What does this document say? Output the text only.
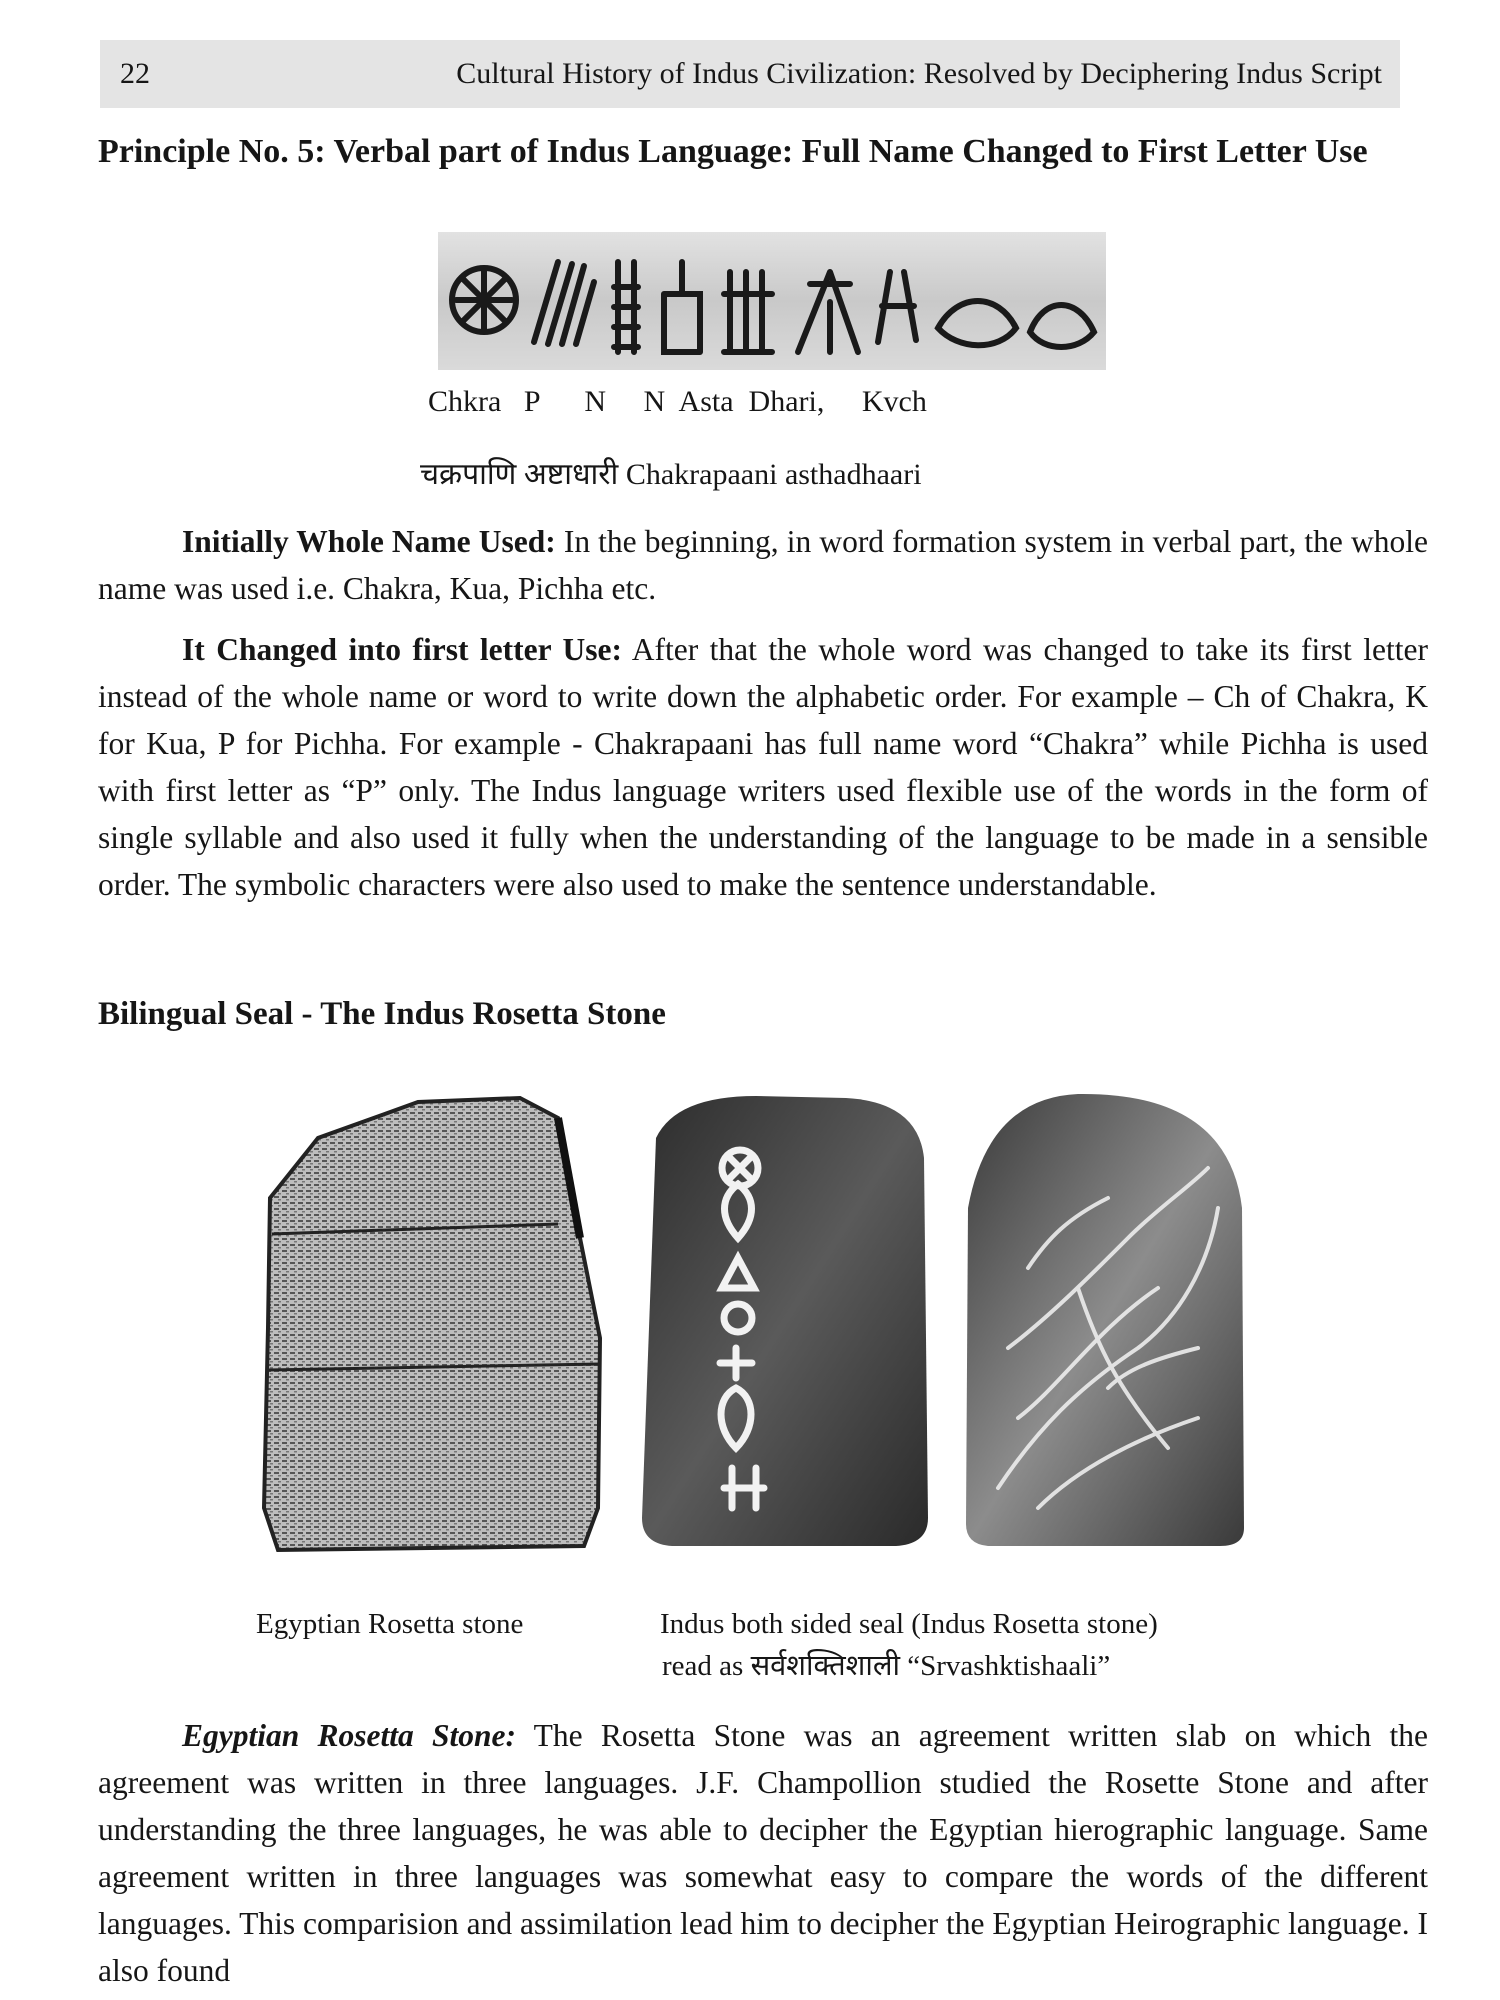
22	Cultural History of Indus Civilization: Resolved by Deciphering Indus Script
Principle No. 5: Verbal part of Indus Language: Full Name Changed to First Letter Use
Chkra   P      N     N  Asta  Dhari,     Kvch
चक्रपाणि अष्टाधारी Chakrapaani asthadhaari

Initially Whole Name Used: In the beginning, in word formation system in verbal part, the whole name was used i.e. Chakra, Kua, Pichha etc.

It Changed into first letter Use: After that the whole word was changed to take its first letter instead of the whole name or word to write down the alphabetic order. For example – Ch of Chakra, K for Kua, P for Pichha. For example - Chakrapaani has full name word “Chakra” while Pichha is used with first letter as “P” only. The Indus language writers used flexible use of the words in the form of single syllable and also used it fully when the understanding of the language to be made in a sensible order. The symbolic characters were also used to make the sentence understandable.

Bilingual Seal - The Indus Rosetta Stone
Egyptian Rosetta stone	Indus both sided seal (Indus Rosetta stone)
read as सर्वशक्तिशाली “Srvashktishaali”

Egyptian Rosetta Stone: The Rosetta Stone was an agreement written slab on which the agreement was written in three languages. J.F. Champollion studied the Rosette Stone and after understanding the three languages, he was able to decipher the Egyptian hierographic language. Same agreement written in three languages was somewhat easy to compare the words of the different languages. This comparision and assimilation lead him to decipher the Egyptian Heirographic language. I also found
